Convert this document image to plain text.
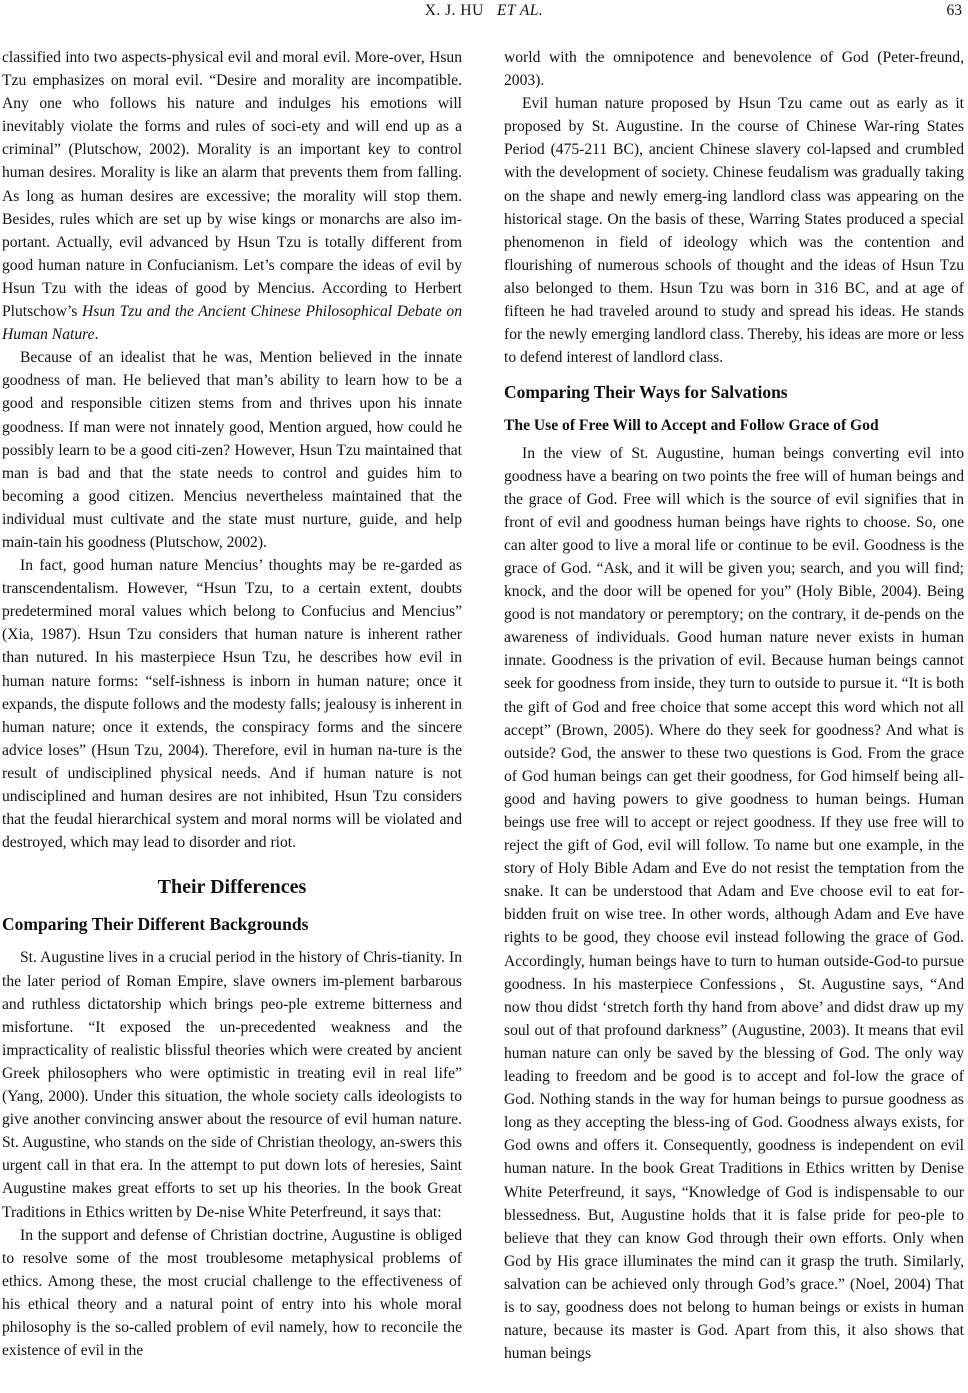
X. J. HU ET AL.	63

classified into two aspects-physical evil and moral evil. More-over, Hsun Tzu emphasizes on moral evil. “Desire and morality are incompatible. Any one who follows his nature and indulges his emotions will inevitably violate the forms and rules of soci-ety and will end up as a criminal” (Plutschow, 2002). Morality is an important key to control human desires. Morality is like an alarm that prevents them from falling. As long as human desires are excessive; the morality will stop them. Besides, rules which are set up by wise kings or monarchs are also im-portant. Actually, evil advanced by Hsun Tzu is totally different from good human nature in Confucianism. Let’s compare the ideas of evil by Hsun Tzu with the ideas of good by Mencius. According to Herbert Plutschow’s Hsun Tzu and the Ancient Chinese Philosophical Debate on Human Nature.

Because of an idealist that he was, Mention believed in the innate goodness of man. He believed that man’s ability to learn how to be a good and responsible citizen stems from and thrives upon his innate goodness. If man were not innately good, Mention argued, how could he possibly learn to be a good citi-zen? However, Hsun Tzu maintained that man is bad and that the state needs to control and guides him to becoming a good citizen. Mencius nevertheless maintained that the individual must cultivate and the state must nurture, guide, and help main-tain his goodness (Plutschow, 2002).

In fact, good human nature Mencius’ thoughts may be re-garded as transcendentalism. However, “Hsun Tzu, to a certain extent, doubts predetermined moral values which belong to Confucius and Mencius” (Xia, 1987). Hsun Tzu considers that human nature is inherent rather than nutured. In his masterpiece Hsun Tzu, he describes how evil in human nature forms: “self-ishness is inborn in human nature; once it expands, the dispute follows and the modesty falls; jealousy is inherent in human nature; once it extends, the conspiracy forms and the sincere advice loses” (Hsun Tzu, 2004). Therefore, evil in human na-ture is the result of undisciplined physical needs. And if human nature is not undisciplined and human desires are not inhibited, Hsun Tzu considers that the feudal hierarchical system and moral norms will be violated and destroyed, which may lead to disorder and riot.

Their Differences
Comparing Their Different Backgrounds

St. Augustine lives in a crucial period in the history of Chris-tianity. In the later period of Roman Empire, slave owners im-plement barbarous and ruthless dictatorship which brings peo-ple extreme bitterness and misfortune. “It exposed the un-precedented weakness and the impracticality of realistic blissful theories which were created by ancient Greek philosophers who were optimistic in treating evil in real life” (Yang, 2000). Under this situation, the whole society calls ideologists to give another convincing answer about the resource of evil human nature. St. Augustine, who stands on the side of Christian theology, an-swers this urgent call in that era. In the attempt to put down lots of heresies, Saint Augustine makes great efforts to set up his theories. In the book Great Traditions in Ethics written by De-nise White Peterfreund, it says that:

In the support and defense of Christian doctrine, Augustine is obliged to resolve some of the most troublesome metaphysical problems of ethics. Among these, the most crucial challenge to the effectiveness of his ethical theory and a natural point of entry into his whole moral philosophy is the so-called problem of evil namely, how to reconcile the existence of evil in the

world with the omnipotence and benevolence of God (Peter-freund, 2003).

Evil human nature proposed by Hsun Tzu came out as early as it proposed by St. Augustine. In the course of Chinese War-ring States Period (475-211 BC), ancient Chinese slavery col-lapsed and crumbled with the development of society. Chinese feudalism was gradually taking on the shape and newly emerg-ing landlord class was appearing on the historical stage. On the basis of these, Warring States produced a special phenomenon in field of ideology which was the contention and flourishing of numerous schools of thought and the ideas of Hsun Tzu also belonged to them. Hsun Tzu was born in 316 BC, and at age of fifteen he had traveled around to study and spread his ideas. He stands for the newly emerging landlord class. Thereby, his ideas are more or less to defend interest of landlord class.

Comparing Their Ways for Salvations
The Use of Free Will to Accept and Follow Grace of God

In the view of St. Augustine, human beings converting evil into goodness have a bearing on two points the free will of human beings and the grace of God. Free will which is the source of evil signifies that in front of evil and goodness human beings have rights to choose. So, one can alter good to live a moral life or continue to be evil. Goodness is the grace of God. “Ask, and it will be given you; search, and you will find; knock, and the door will be opened for you” (Holy Bible, 2004). Being good is not mandatory or peremptory; on the contrary, it de-pends on the awareness of individuals. Good human nature never exists in human innate. Goodness is the privation of evil. Because human beings cannot seek for goodness from inside, they turn to outside to pursue it. “It is both the gift of God and free choice that some accept this word which not all accept” (Brown, 2005). Where do they seek for goodness? And what is outside? God, the answer to these two questions is God. From the grace of God human beings can get their goodness, for God himself being all-good and having powers to give goodness to human beings. Human beings use free will to accept or reject goodness. If they use free will to reject the gift of God, evil will follow. To name but one example, in the story of Holy Bible Adam and Eve do not resist the temptation from the snake. It can be understood that Adam and Eve choose evil to eat for-bidden fruit on wise tree. In other words, although Adam and Eve have rights to be good, they choose evil instead following the grace of God. Accordingly, human beings have to turn to human outside-God-to pursue goodness. In his masterpiece Confessions，St. Augustine says, “And now thou didst ‘stretch forth thy hand from above’ and didst draw up my soul out of that profound darkness” (Augustine, 2003). It means that evil human nature can only be saved by the blessing of God. The only way leading to freedom and be good is to accept and fol-low the grace of God. Nothing stands in the way for human beings to pursue goodness as long as they accepting the bless-ing of God. Goodness always exists, for God owns and offers it. Consequently, goodness is independent on evil human nature. In the book Great Traditions in Ethics written by Denise White Peterfreund, it says, “Knowledge of God is indispensable to our blessedness. But, Augustine holds that it is false pride for peo-ple to believe that they can know God through their own efforts. Only when God by His grace illuminates the mind can it grasp the truth. Similarly, salvation can be achieved only through God’s grace.” (Noel, 2004) That is to say, goodness does not belong to human beings or exists in human nature, because its master is God. Apart from this, it also shows that human beings
